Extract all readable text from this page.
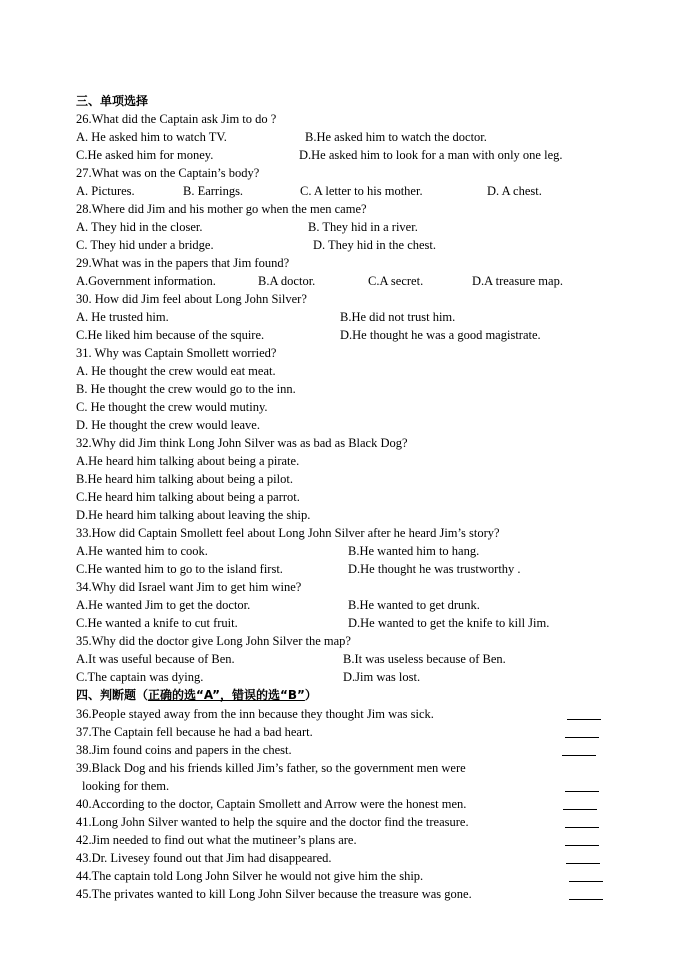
三、单项选择
26.What did the Captain ask Jim to do ?
A. He asked him to watch TV.	B.He asked him to watch the doctor.
C.He asked him for money.	D.He asked him to look for a man with only one leg.
27.What was on the Captain’s body?
A. Pictures.	B. Earrings.	C. A letter to his mother.	D. A chest.
28.Where did Jim and his mother go when the men came?
A. They hid in the closer.	B. They hid in a river.
C. They hid under a bridge.	D. They hid in the chest.
29.What was in the papers that Jim found?
A.Government information.	B.A doctor.	C.A secret.	D.A treasure map.
30. How did Jim feel about Long John Silver?
A. He trusted him.	B.He did not trust him.
C.He liked him because of the squire.	D.He thought he was a good magistrate.
31. Why was Captain Smollett worried?
A. He thought the crew would eat meat.
B. He thought the crew would go to the inn.
C. He thought the crew would mutiny.
D. He thought the crew would leave.
32.Why did Jim think Long John Silver was as bad as Black Dog?
A.He heard him talking about being a pirate.
B.He heard him talking about being a pilot.
C.He heard him talking about being a parrot.
D.He heard him talking about leaving the ship.
33.How did Captain Smollett feel about Long John Silver after he heard Jim’s story?
A.He wanted him to cook.	B.He wanted him to hang.
C.He wanted him to go to the island first.	D.He thought he was trustworthy .
34.Why did Israel want Jim to get him wine?
A.He wanted Jim to get the doctor.	B.He wanted to get drunk.
C.He wanted a knife to cut fruit.	D.He wanted to get the knife to kill Jim.
35.Why did the doctor give Long John Silver the map?
A.It was useful because of Ben.	B.It was useless because of Ben.
C.The captain was dying.	D.Jim was lost.
四、判断题（正确的选“A”，错误的选“B”）
36.People stayed away from the inn because they thought Jim was sick.
37.The Captain fell because he had a bad heart.
38.Jim found coins and papers in the chest.
39.Black Dog and his friends killed Jim’s father, so the government men were
looking for them.
40.According to the doctor, Captain Smollett and Arrow were the honest men.
41.Long John Silver wanted to help the squire and the doctor find the treasure.
42.Jim needed to find out what the mutineer’s plans are.
43.Dr. Livesey found out that Jim had disappeared.
44.The captain told Long John Silver he would not give him the ship.
45.The privates wanted to kill Long John Silver because the treasure was gone.
